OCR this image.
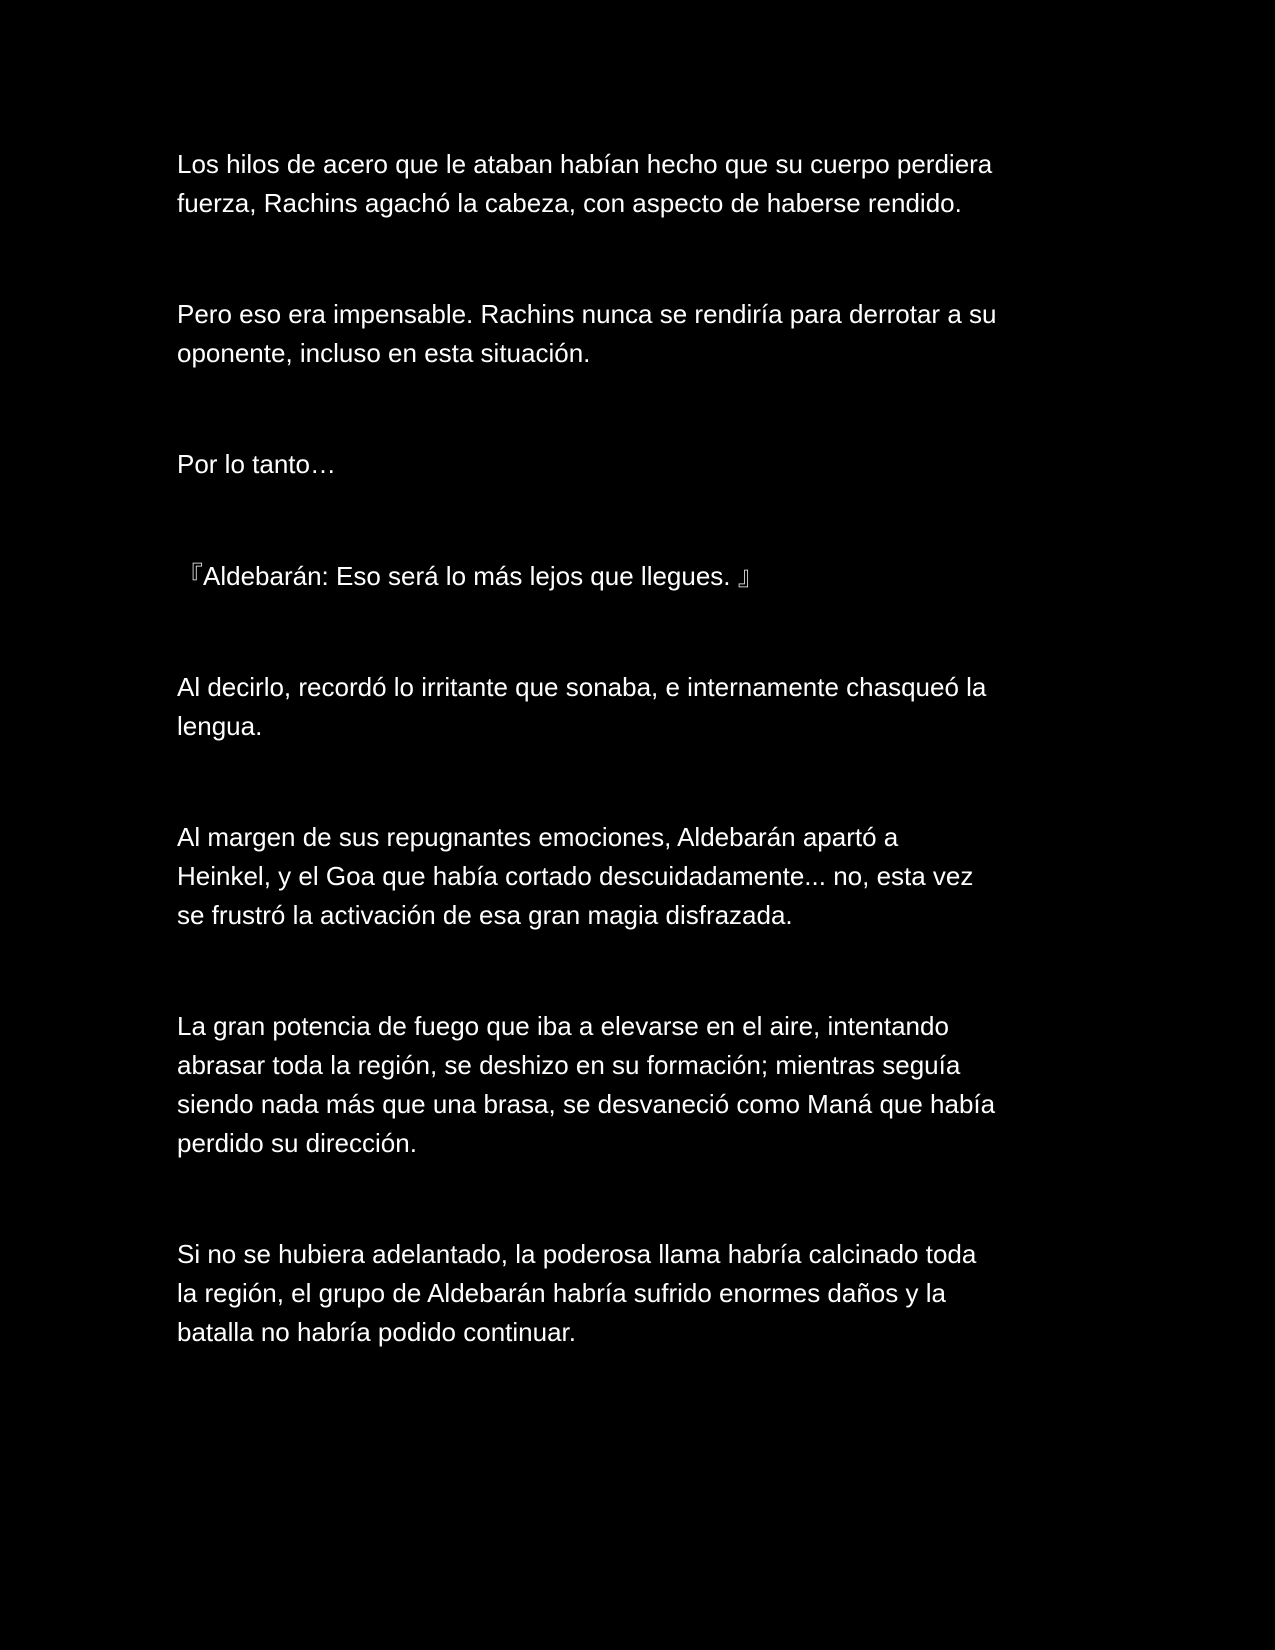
Los hilos de acero que le ataban habían hecho que su cuerpo perdiera
fuerza, Rachins agachó la cabeza, con aspecto de haberse rendido.

Pero eso era impensable. Rachins nunca se rendiría para derrotar a su
oponente, incluso en esta situación.

Por lo tanto…

『Aldebarán: Eso será lo más lejos que llegues. 』

Al decirlo, recordó lo irritante que sonaba, e internamente chasqueó la
lengua.

Al margen de sus repugnantes emociones, Aldebarán apartó a
Heinkel, y el Goa que había cortado descuidadamente... no, esta vez
se frustró la activación de esa gran magia disfrazada.

La gran potencia de fuego que iba a elevarse en el aire, intentando
abrasar toda la región, se deshizo en su formación; mientras seguía
siendo nada más que una brasa, se desvaneció como Maná que había
perdido su dirección.

Si no se hubiera adelantado, la poderosa llama habría calcinado toda
la región, el grupo de Aldebarán habría sufrido enormes daños y la
batalla no habría podido continuar.
